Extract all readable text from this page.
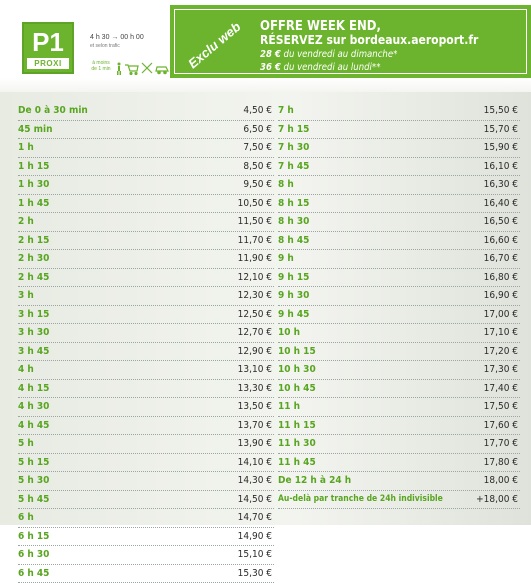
P1
PROXI
4 h 30 → 00 h 00
et selon trafic
à moins
de 1 min	Exclu web OFFRE WEEK END,
RÉSERVEZ sur bordeaux.aeroport.fr
28 € du vendredi au dimanche*
36 € du vendredi au lundi**
De 0 à 30 min	4,50 €
45 min	6,50 €
1 h	7,50 €
1 h 15	8,50 €
1 h 30	9,50 €
1 h 45	10,50 €
2 h	11,50 €
2 h 15	11,70 €
2 h 30	11,90 €
2 h 45	12,10 €
3 h	12,30 €
3 h 15	12,50 €
3 h 30	12,70 €
3 h 45	12,90 €
4 h	13,10 €
4 h 15	13,30 €
4 h 30	13,50 €
4 h 45	13,70 €
5 h	13,90 €
5 h 15	14,10 €
5 h 30	14,30 €
5 h 45	14,50 €
6 h	14,70 €
6 h 15	14,90 €
6 h 30	15,10 €
6 h 45	15,30 €
7 h	15,50 €
7 h 15	15,70 €
7 h 30	15,90 €
7 h 45	16,10 €
8 h	16,30 €
8 h 15	16,40 €
8 h 30	16,50 €
8 h 45	16,60 €
9 h	16,70 €
9 h 15	16,80 €
9 h 30	16,90 €
9 h 45	17,00 €
10 h	17,10 €
10 h 15	17,20 €
10 h 30	17,30 €
10 h 45	17,40 €
11 h	17,50 €
11 h 15	17,60 €
11 h 30	17,70 €
11 h 45	17,80 €
De 12 h à 24 h	18,00 €
Au-delà par tranche de 24h indivisible	+18,00 €
